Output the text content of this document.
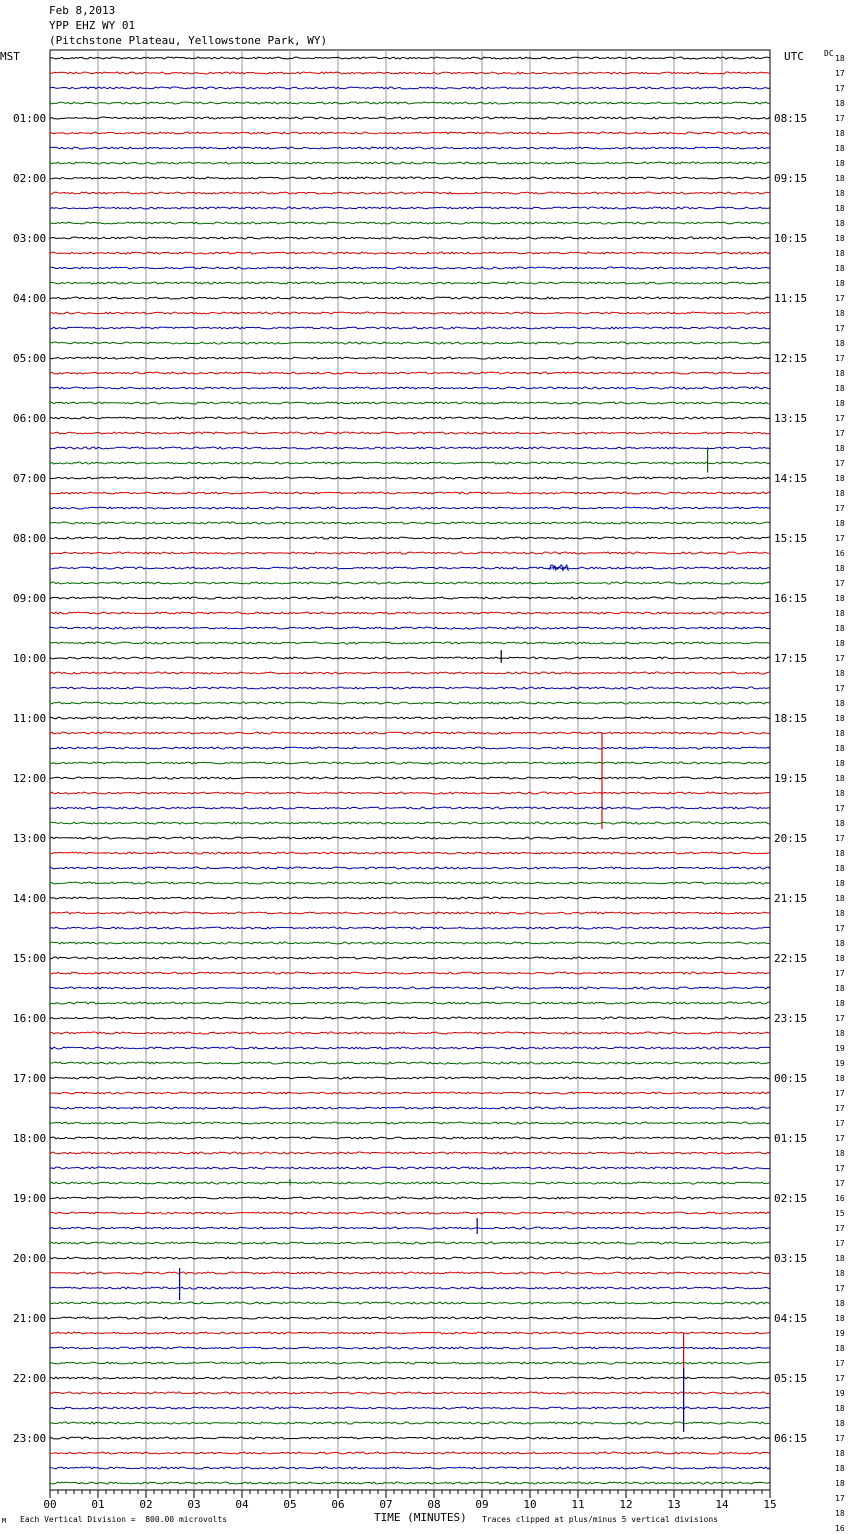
Feb 8,2013
YPP EHZ WY 01
(Pitchstone Plateau, Yellowstone Park, WY)
MST	UTC	DC
01:00
02:00
03:00
04:00
05:00
06:00
07:00
08:00
09:00
10:00
11:00
12:00
13:00
14:00
15:00
16:00
17:00
18:00
19:00
20:00
21:00
22:00
23:00
08:15
09:15
10:15
11:15
12:15
13:15
14:15
15:15
16:15
17:15
18:15
19:15
20:15
21:15
22:15
23:15
00:15
01:15
02:15
03:15
04:15
05:15
06:15
18
17
17
18
17
18
18
18
18
18
18
18
18
18
18
18
17
18
17
18
17
18
18
18
17
17
18
17
18
18
17
18
17
16
18
17
18
18
18
18
17
18
17
18
18
18
18
18
18
18
17
18
17
18
18
18
18
18
17
18
18
17
18
18
17
18
19
19
18
17
17
17
17
18
17
17
16
15
17
17
18
18
17
18
18
19
18
17
17
19
18
18
17
18
18
18
17
18
16
00	01	02	03	04	05	06	07	08	09	10	11	12	13	14	15
M Each Vertical Division =  800.00 microvolts	TIME (MINUTES) Traces clipped at plus/minus 5 vertical divisions
